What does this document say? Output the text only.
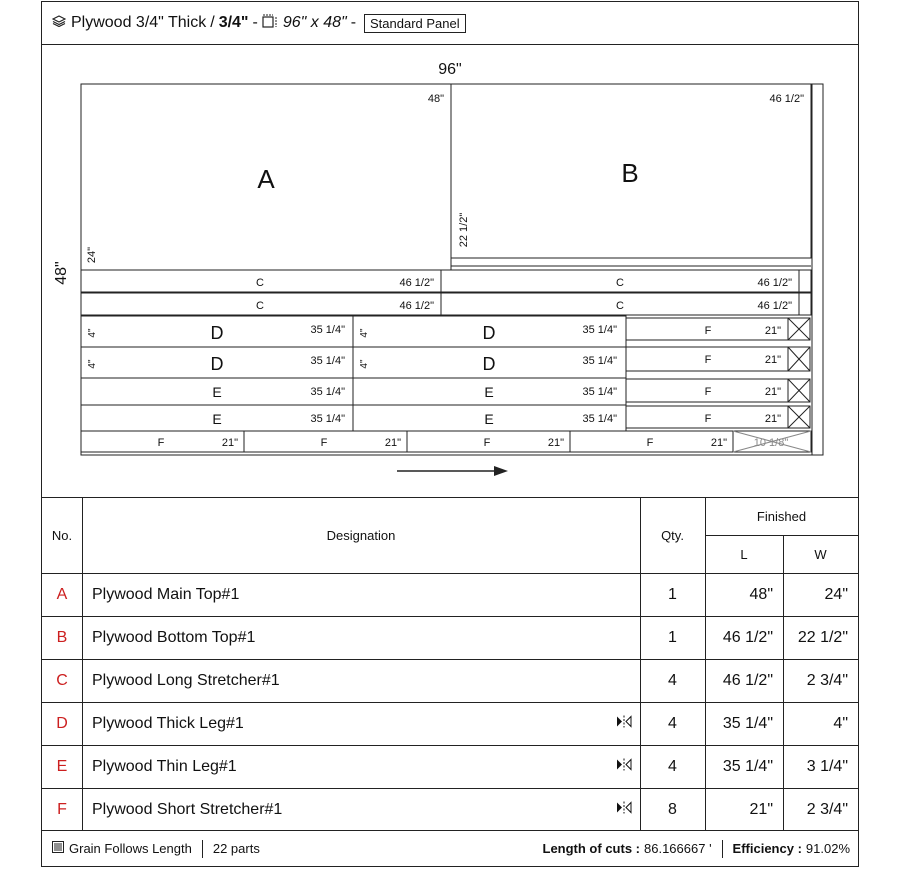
Plywood 3/4" Thick / 3/4" - 96" x 48" -	Standard Panel
96"
48"
A
48"
24"
B
46 1/2"
22 1/2"
C	46 1/2"	C	46 1/2"
C	46 1/2"	C	46 1/2"
D	35 1/4"
4"	D	35 1/4"
4"
D	35 1/4"
4"	D	35 1/4"
4"
E	35 1/4"	E	35 1/4"
E	35 1/4"	E	35 1/4"
F	21"
F	21"
F	21"
F	21"
F	21"	F	21"	F	21"	F	21" 10 1/8"
No.	Designation	Qty.
Finished
L	W
A	Plywood Main Top#1	1	48"	24"
B	Plywood Bottom Top#1	1	46 1/2"	22 1/2"
C	Plywood Long Stretcher#1	4	46 1/2"	2 3/4"
D	Plywood Thick Leg#1	4	35 1/4"	4"
E	Plywood Thin Leg#1	4	35 1/4"	3 1/4"
F	Plywood Short Stretcher#1	8	21"	2 3/4"
Grain Follows Length 22 parts	Length of cuts : 86.166667 ' Efficiency : 91.02%
